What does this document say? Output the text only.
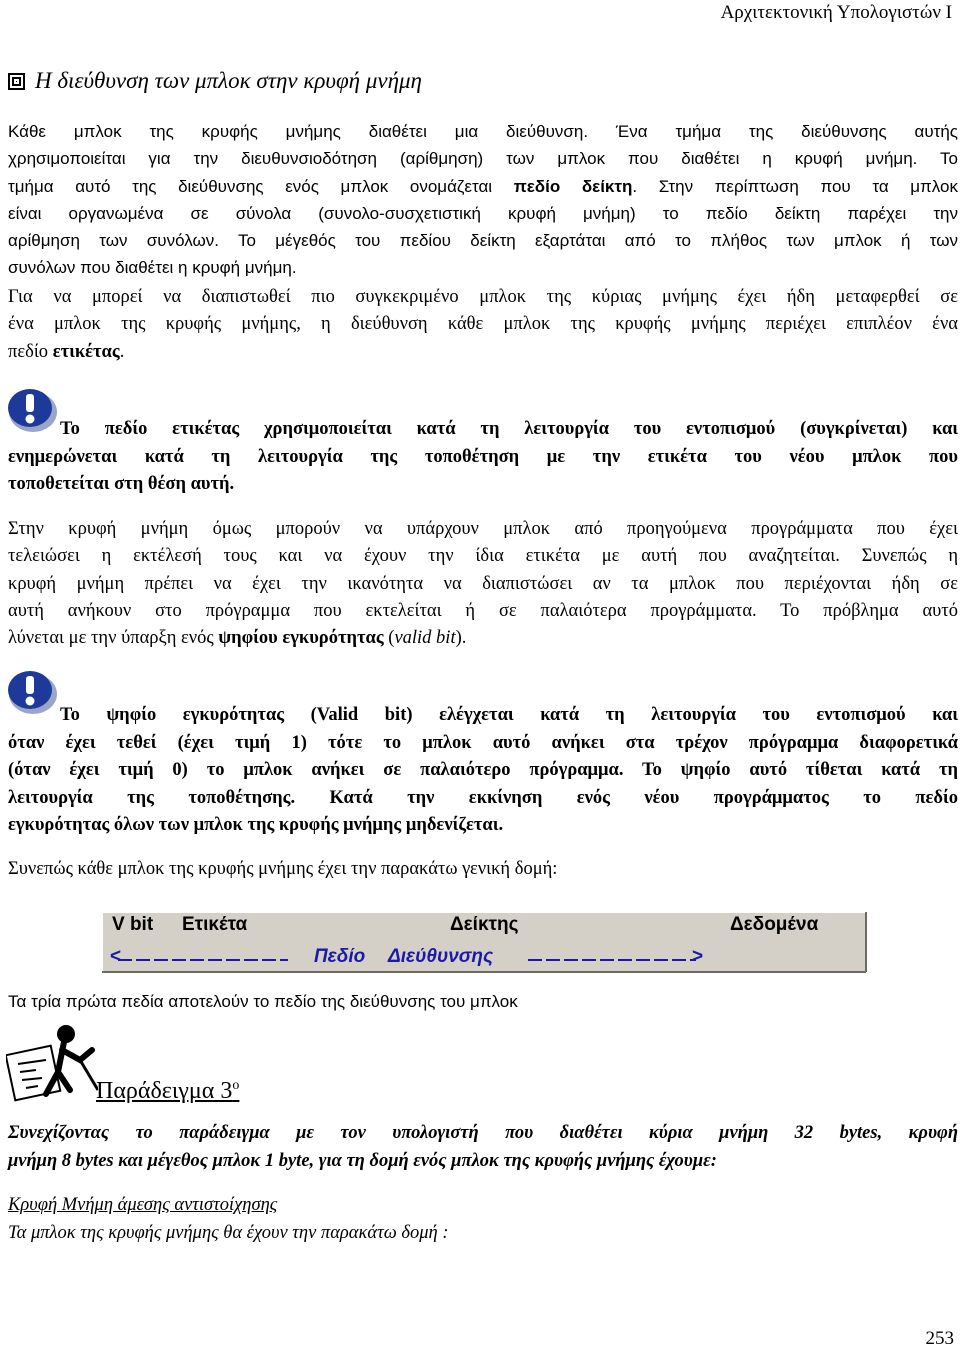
Αρχιτεκτονική Υπολογιστών Ι
Η διεύθυνση των μπλοκ στην κρυφή μνήμη
Κάθε μπλοκ της κρυφής μνήμης διαθέτει μια διεύθυνση. Ένα τμήμα της διεύθυνσης αυτής
χρησιμοποιείται για την διευθυνσιοδότηση (αρίθμηση) των μπλοκ που διαθέτει η κρυφή μνήμη. Το
τμήμα αυτό της διεύθυνσης ενός μπλοκ ονομάζεται πεδίο δείκτη. Στην περίπτωση που τα μπλοκ
είναι οργανωμένα σε σύνολα (συνολο-συσχετιστική κρυφή μνήμη) το πεδίο δείκτη παρέχει την
αρίθμηση των συνόλων. Το μέγεθός του πεδίου δείκτη εξαρτάται από το πλήθος των μπλοκ ή των
συνόλων που διαθέτει η κρυφή μνήμη.
Για να μπορεί να διαπιστωθεί πιο συγκεκριμένο μπλοκ της κύριας μνήμης έχει ήδη μεταφερθεί σε
ένα μπλοκ της κρυφής μνήμης, η διεύθυνση κάθε μπλοκ της κρυφής μνήμης περιέχει επιπλέον ένα
πεδίο ετικέτας.
Το πεδίο ετικέτας χρησιμοποιείται κατά τη λειτουργία του εντοπισμού (συγκρίνεται) και
ενημερώνεται κατά τη λειτουργία της τοποθέτηση με την ετικέτα του νέου μπλοκ που
τοποθετείται στη θέση αυτή.
Στην κρυφή μνήμη όμως μπορούν να υπάρχουν μπλοκ από προηγούμενα προγράμματα που έχει
τελειώσει η εκτέλεσή τους και να έχουν την ίδια ετικέτα με αυτή που αναζητείται. Συνεπώς η
κρυφή μνήμη πρέπει να έχει την ικανότητα να διαπιστώσει αν τα μπλοκ που περιέχονται ήδη σε
αυτή ανήκουν στο πρόγραμμα που εκτελείται ή σε παλαιότερα προγράμματα. Το πρόβλημα αυτό
λύνεται με την ύπαρξη ενός ψηφίου εγκυρότητας (valid bit).
Το ψηφίο εγκυρότητας (Valid bit) ελέγχεται κατά τη λειτουργία του εντοπισμού και
όταν έχει τεθεί (έχει τιμή 1) τότε το μπλοκ αυτό ανήκει στα τρέχον πρόγραμμα διαφορετικά
(όταν έχει τιμή 0) το μπλοκ ανήκει σε παλαιότερο πρόγραμμα. Το ψηφίο αυτό τίθεται κατά τη
λειτουργία της τοποθέτησης. Κατά την εκκίνηση ενός νέου προγράμματος το πεδίο
εγκυρότητας όλων των μπλοκ της κρυφής μνήμης μηδενίζεται.
Συνεπώς κάθε μπλοκ της κρυφής μνήμης έχει την παρακάτω γενική δομή:
V bit Ετικέτα	Δείκτης	Δεδομένα
<	Πεδίο Διεύθυνσης	>
Τα τρία πρώτα πεδία αποτελούν το πεδίο της διεύθυνσης του μπλοκ
Παράδειγμα $3^o$
Συνεχίζοντας το παράδειγμα με τον υπολογιστή που διαθέτει κύρια μνήμη 32 bytes, κρυφή
μνήμη 8 bytes και μέγεθος μπλοκ 1 byte, για τη δομή ενός μπλοκ της κρυφής μνήμης έχουμε:
Κρυφή Μνήμη άμεσης αντιστοίχησης
Τα μπλοκ της κρυφής μνήμης θα έχουν την παρακάτω δομή :
253
